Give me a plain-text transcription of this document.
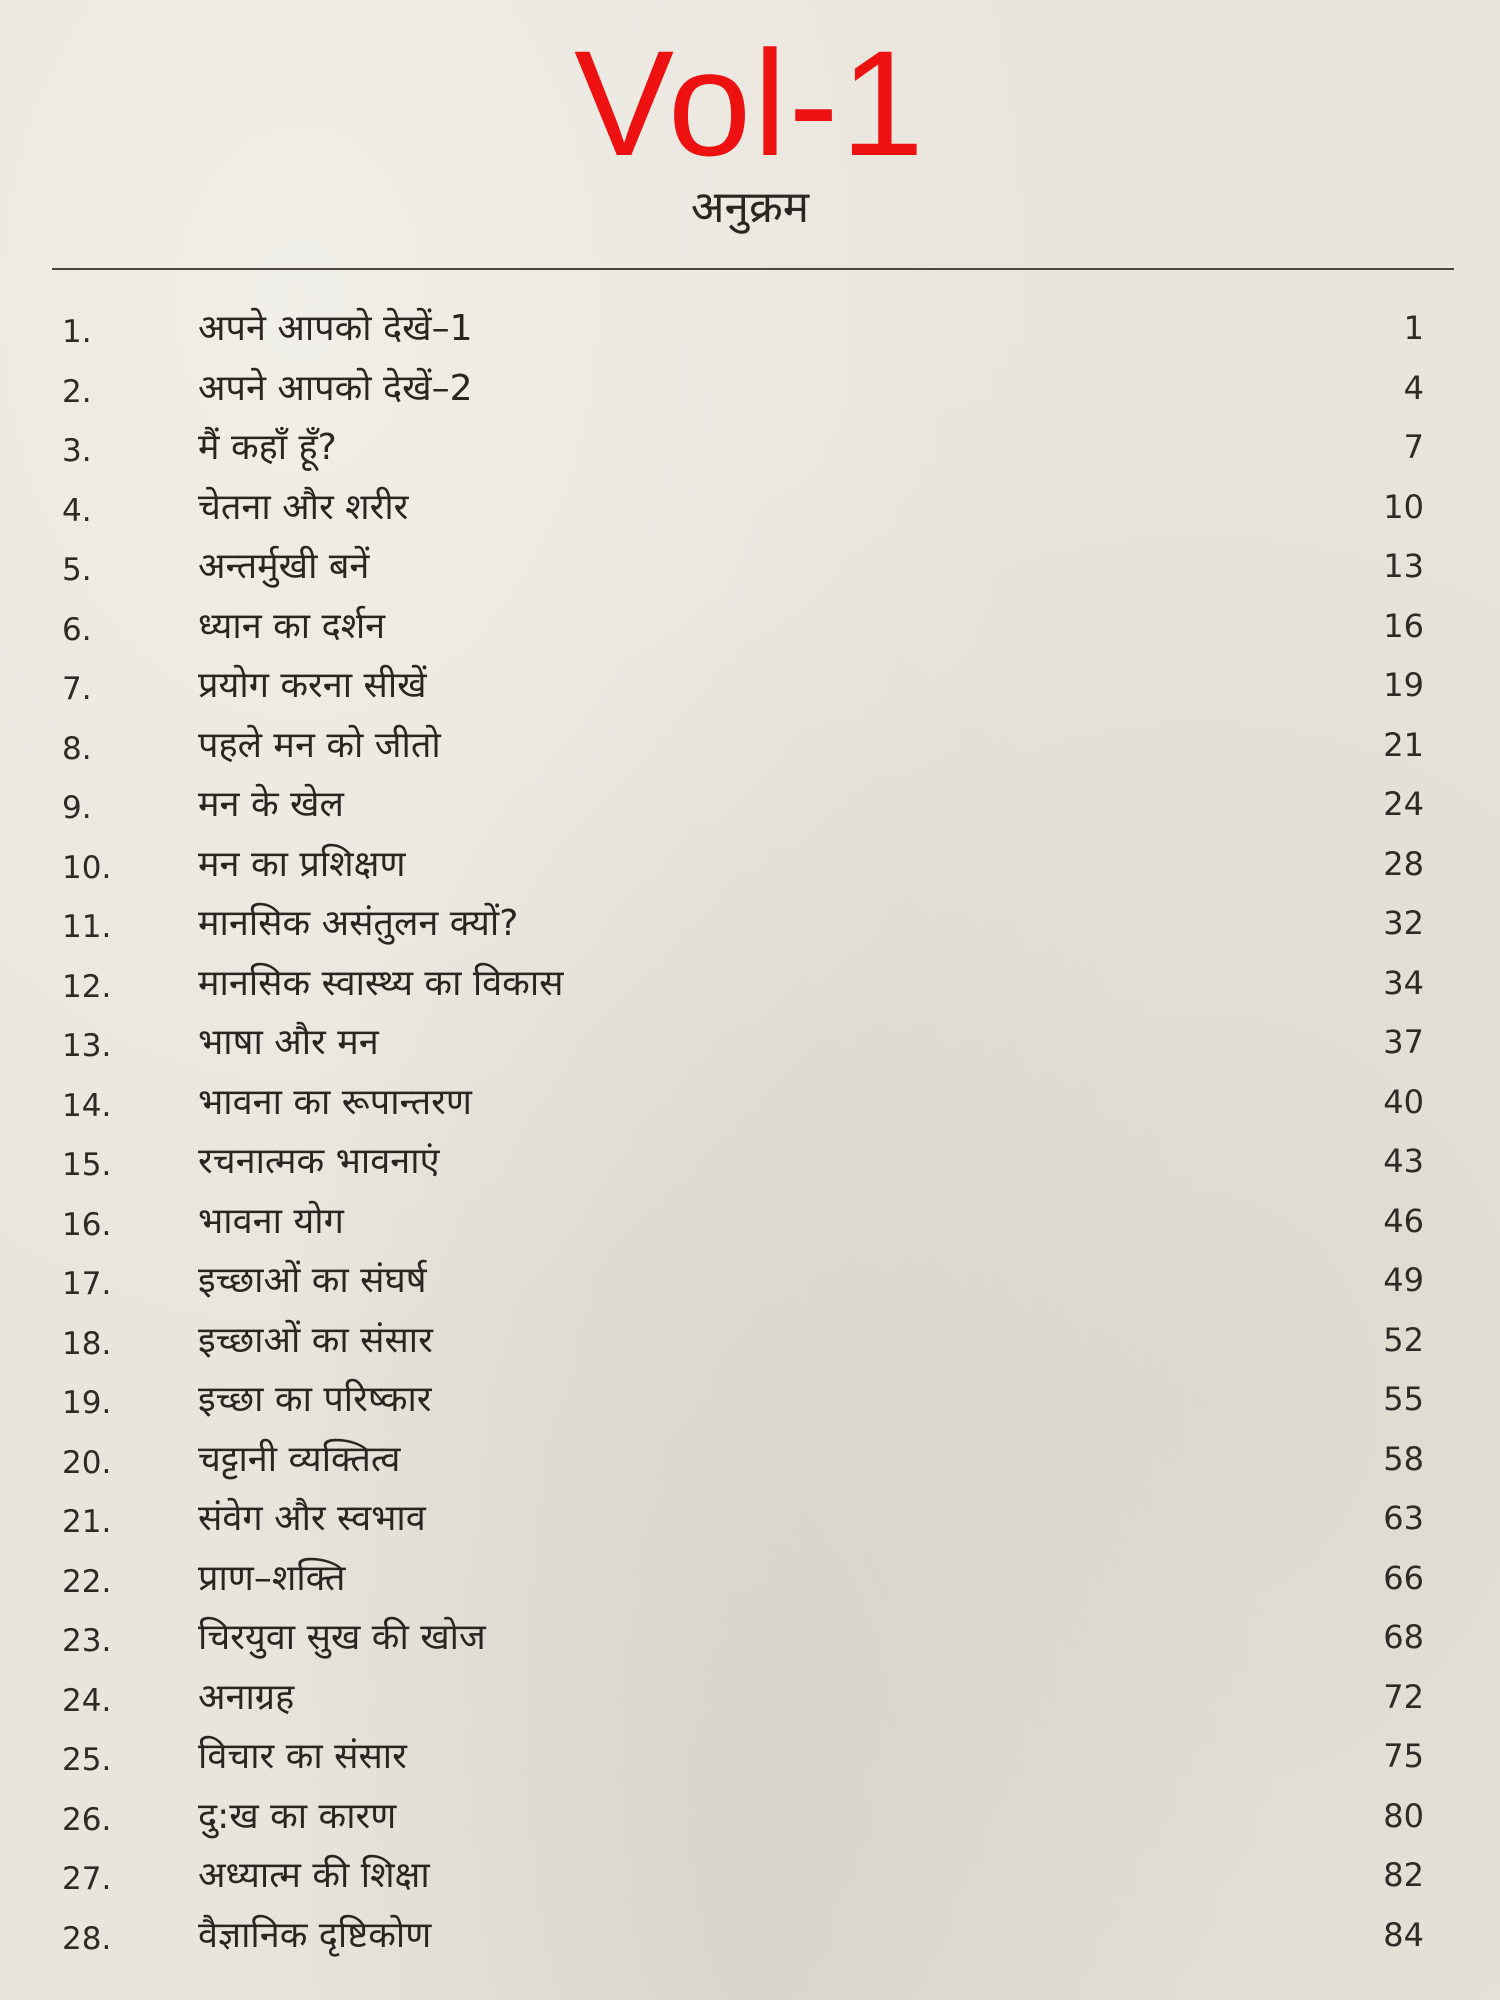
Vol-1
अनुक्रम
1.	अपने आपको देखें–1	1
2.	अपने आपको देखें–2	4
3.	मैं कहाँ हूँ?	7
4.	चेतना और शरीर	10
5.	अन्तर्मुखी बनें	13
6.	ध्यान का दर्शन	16
7.	प्रयोग करना सीखें	19
8.	पहले मन को जीतो	21
9.	मन के खेल	24
10.	मन का प्रशिक्षण	28
11.	मानसिक असंतुलन क्यों?	32
12.	मानसिक स्वास्थ्य का विकास	34
13.	भाषा और मन	37
14.	भावना का रूपान्तरण	40
15.	रचनात्मक भावनाएं	43
16.	भावना योग	46
17.	इच्छाओं का संघर्ष	49
18.	इच्छाओं का संसार	52
19.	इच्छा का परिष्कार	55
20.	चट्टानी व्यक्तित्व	58
21.	संवेग और स्वभाव	63
22.	प्राण–शक्ति	66
23.	चिरयुवा सुख की खोज	68
24.	अनाग्रह	72
25.	विचार का संसार	75
26.	दु:ख का कारण	80
27.	अध्यात्म की शिक्षा	82
28.	वैज्ञानिक दृष्टिकोण	84
